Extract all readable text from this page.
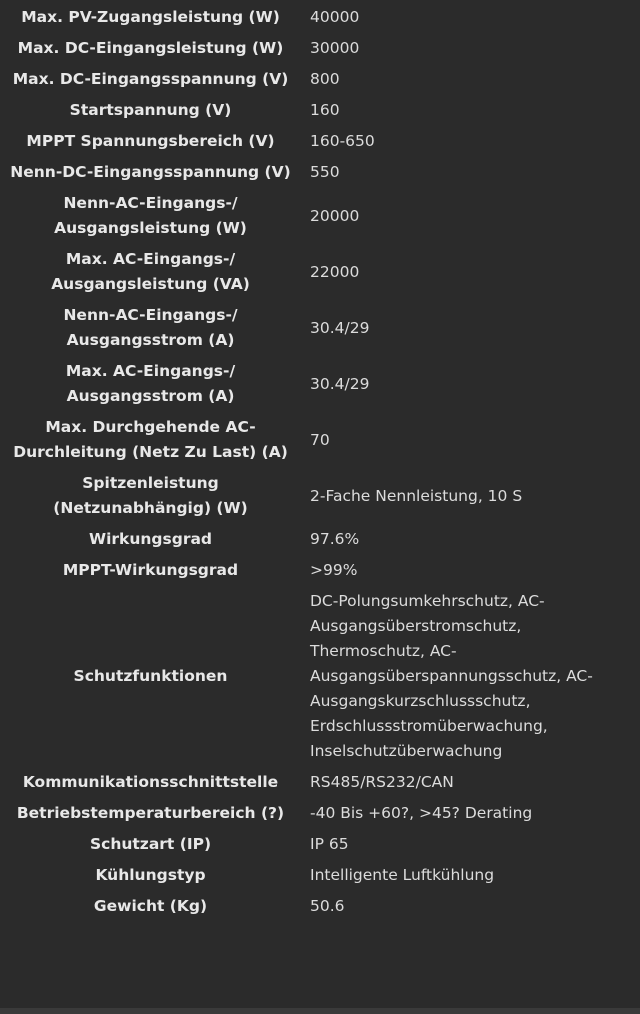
Max. PV-Zugangsleistung (W)	40000
Max. DC-Eingangsleistung (W)	30000
Max. DC-Eingangsspannung (V)	800
Startspannung (V)	160
MPPT Spannungsbereich (V)	160-650
Nenn-DC-Eingangsspannung (V)	550
Nenn-AC-Eingangs-/ Ausgangsleistung (W)	20000
Max. AC-Eingangs-/ Ausgangsleistung (VA)	22000
Nenn-AC-Eingangs-/ Ausgangsstrom (A)	30.4/29
Max. AC-Eingangs-/ Ausgangsstrom (A)	30.4/29
Max. Durchgehende AC-Durchleitung (Netz Zu Last) (A)	70
Spitzenleistung (Netzunabhängig) (W)	2-Fache Nennleistung, 10 S
Wirkungsgrad	97.6%
MPPT-Wirkungsgrad	>99%
Schutzfunktionen	DC-Polungsumkehrschutz, AC-Ausgangsüberstromschutz, Thermoschutz, AC-Ausgangsüberspannungsschutz, AC-Ausgangskurzschlussschutz, Erdschlussstromüberwachung, Inselschutzüberwachung
Kommunikationsschnittstelle	RS485/RS232/CAN
Betriebstemperaturbereich (?)	-40 Bis +60?, >45? Derating
Schutzart (IP)	IP 65
Kühlungstyp	Intelligente Luftkühlung
Gewicht (Kg)	50.6
